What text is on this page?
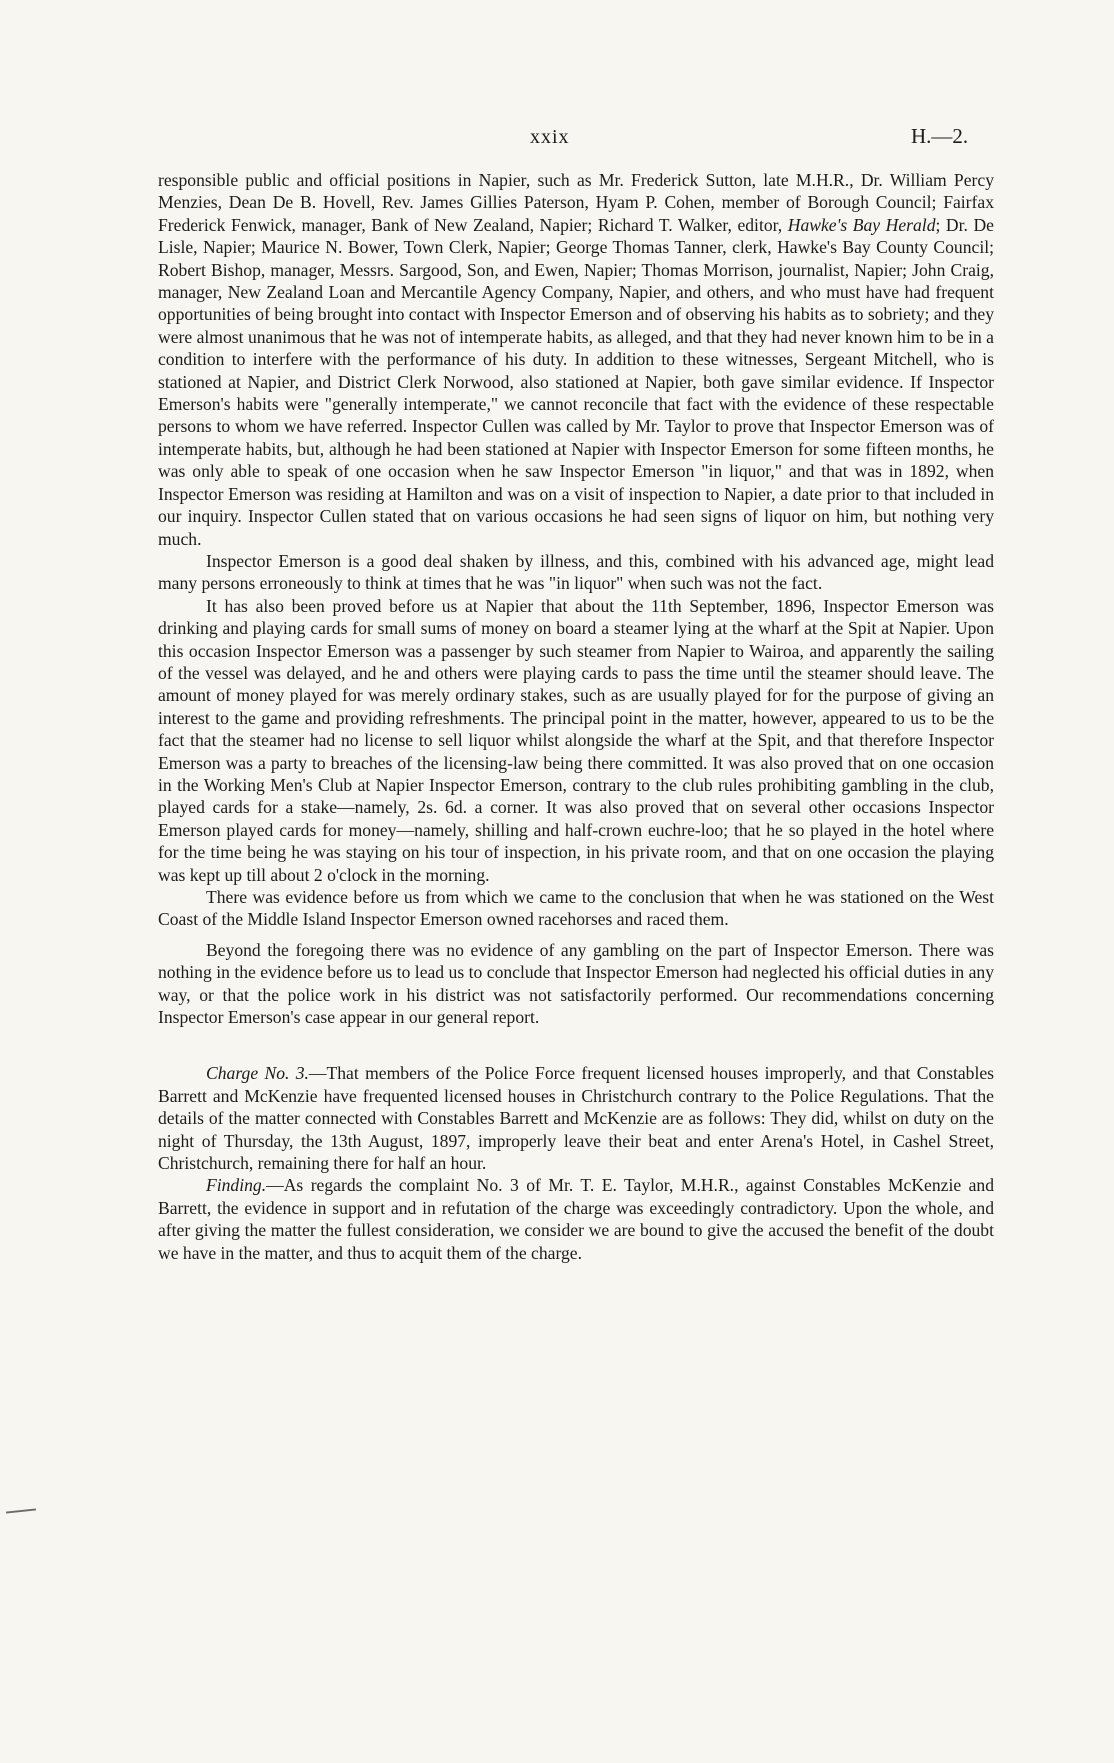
xxix	H.—2.

responsible public and official positions in Napier, such as Mr. Frederick Sutton, late M.H.R., Dr. William Percy Menzies, Dean De B. Hovell, Rev. James Gillies Paterson, Hyam P. Cohen, member of Borough Council; Fairfax Frederick Fenwick, manager, Bank of New Zealand, Napier; Richard T. Walker, editor, Hawke's Bay Herald; Dr. De Lisle, Napier; Maurice N. Bower, Town Clerk, Napier; George Thomas Tanner, clerk, Hawke's Bay County Council; Robert Bishop, manager, Messrs. Sargood, Son, and Ewen, Napier; Thomas Morrison, journalist, Napier; John Craig, manager, New Zealand Loan and Mercantile Agency Company, Napier, and others, and who must have had frequent opportunities of being brought into contact with Inspector Emerson and of observing his habits as to sobriety; and they were almost unanimous that he was not of intemperate habits, as alleged, and that they had never known him to be in a condition to interfere with the performance of his duty. In addition to these witnesses, Sergeant Mitchell, who is stationed at Napier, and District Clerk Norwood, also stationed at Napier, both gave similar evidence. If Inspector Emerson's habits were "generally intemperate," we cannot reconcile that fact with the evidence of these respectable persons to whom we have referred. Inspector Cullen was called by Mr. Taylor to prove that Inspector Emerson was of intemperate habits, but, although he had been stationed at Napier with Inspector Emerson for some fifteen months, he was only able to speak of one occasion when he saw Inspector Emerson "in liquor," and that was in 1892, when Inspector Emerson was residing at Hamilton and was on a visit of inspection to Napier, a date prior to that included in our inquiry. Inspector Cullen stated that on various occasions he had seen signs of liquor on him, but nothing very much.

Inspector Emerson is a good deal shaken by illness, and this, combined with his advanced age, might lead many persons erroneously to think at times that he was "in liquor" when such was not the fact.

It has also been proved before us at Napier that about the 11th September, 1896, Inspector Emerson was drinking and playing cards for small sums of money on board a steamer lying at the wharf at the Spit at Napier. Upon this occasion Inspector Emerson was a passenger by such steamer from Napier to Wairoa, and apparently the sailing of the vessel was delayed, and he and others were playing cards to pass the time until the steamer should leave. The amount of money played for was merely ordinary stakes, such as are usually played for for the purpose of giving an interest to the game and providing refreshments. The principal point in the matter, however, appeared to us to be the fact that the steamer had no license to sell liquor whilst alongside the wharf at the Spit, and that therefore Inspector Emerson was a party to breaches of the licensing-law being there committed. It was also proved that on one occasion in the Working Men's Club at Napier Inspector Emerson, contrary to the club rules prohibiting gambling in the club, played cards for a stake—namely, 2s. 6d. a corner. It was also proved that on several other occasions Inspector Emerson played cards for money—namely, shilling and half-crown euchre-loo; that he so played in the hotel where for the time being he was staying on his tour of inspection, in his private room, and that on one occasion the playing was kept up till about 2 o'clock in the morning.

There was evidence before us from which we came to the conclusion that when he was stationed on the West Coast of the Middle Island Inspector Emerson owned racehorses and raced them.

Beyond the foregoing there was no evidence of any gambling on the part of Inspector Emerson. There was nothing in the evidence before us to lead us to conclude that Inspector Emerson had neglected his official duties in any way, or that the police work in his district was not satisfactorily performed. Our recommendations concerning Inspector Emerson's case appear in our general report.

Charge No. 3.—That members of the Police Force frequent licensed houses improperly, and that Constables Barrett and McKenzie have frequented licensed houses in Christchurch contrary to the Police Regulations. That the details of the matter connected with Constables Barrett and McKenzie are as follows: They did, whilst on duty on the night of Thursday, the 13th August, 1897, improperly leave their beat and enter Arena's Hotel, in Cashel Street, Christchurch, remaining there for half an hour.

Finding.—As regards the complaint No. 3 of Mr. T. E. Taylor, M.H.R., against Constables McKenzie and Barrett, the evidence in support and in refutation of the charge was exceedingly contradictory. Upon the whole, and after giving the matter the fullest consideration, we consider we are bound to give the accused the benefit of the doubt we have in the matter, and thus to acquit them of the charge.
